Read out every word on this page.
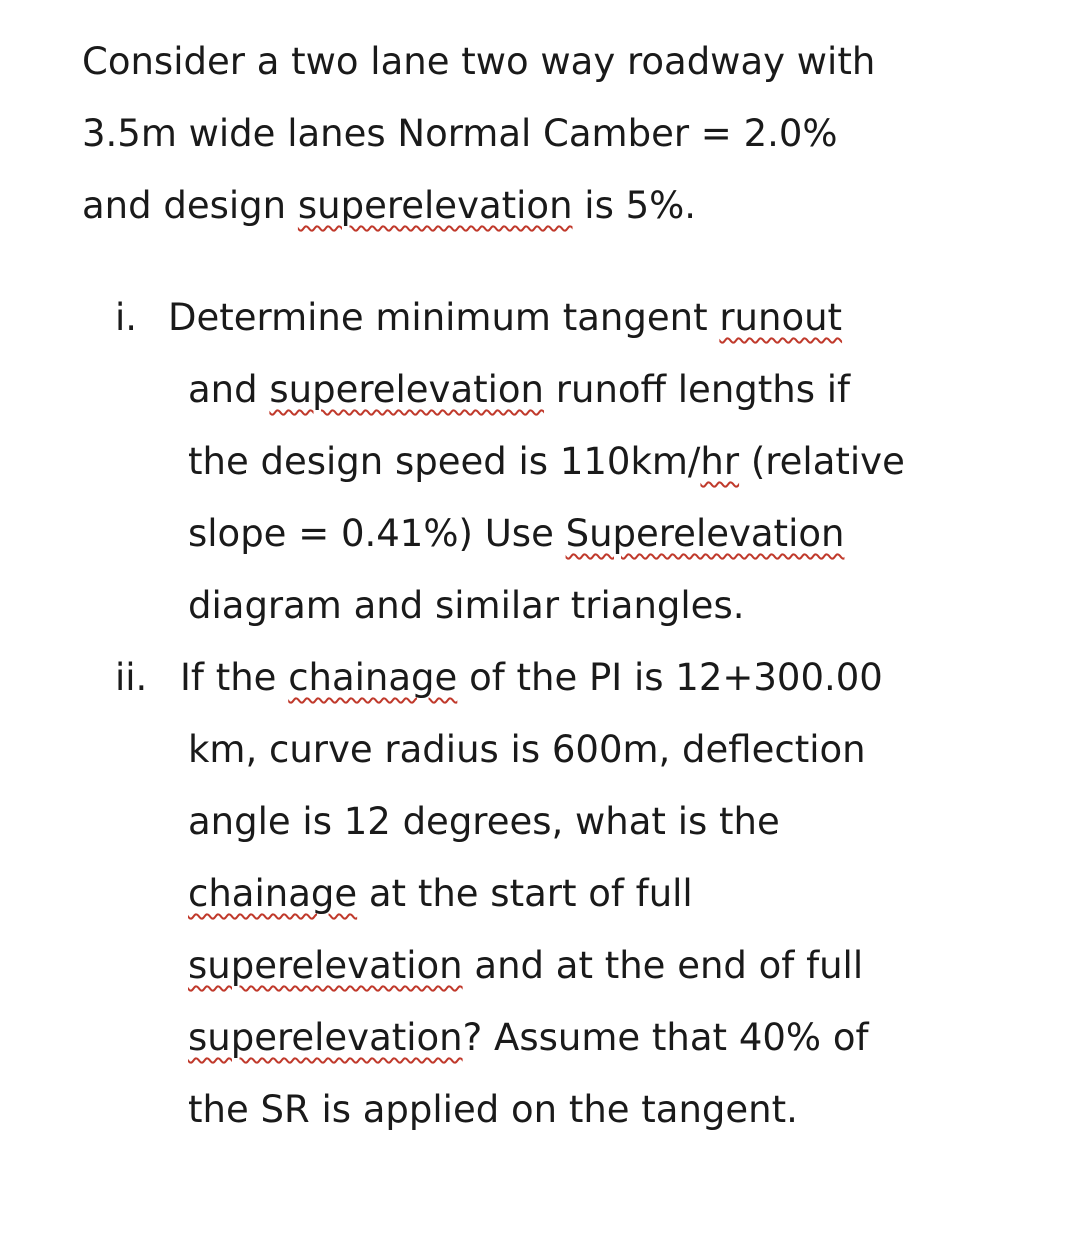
Consider a two lane two way roadway with
3.5m wide lanes Normal Camber = 2.0%
and design superelevation is 5%.
i. Determine minimum tangent runout
and superelevation runoff lengths if
the design speed is 110km/hr (relative
slope = 0.41%) Use Superelevation
diagram and similar triangles.
ii. If the chainage of the PI is 12+300.00
km, curve radius is 600m, deflection
angle is 12 degrees, what is the
chainage at the start of full
superelevation and at the end of full
superelevation? Assume that 40% of
the SR is applied on the tangent.
